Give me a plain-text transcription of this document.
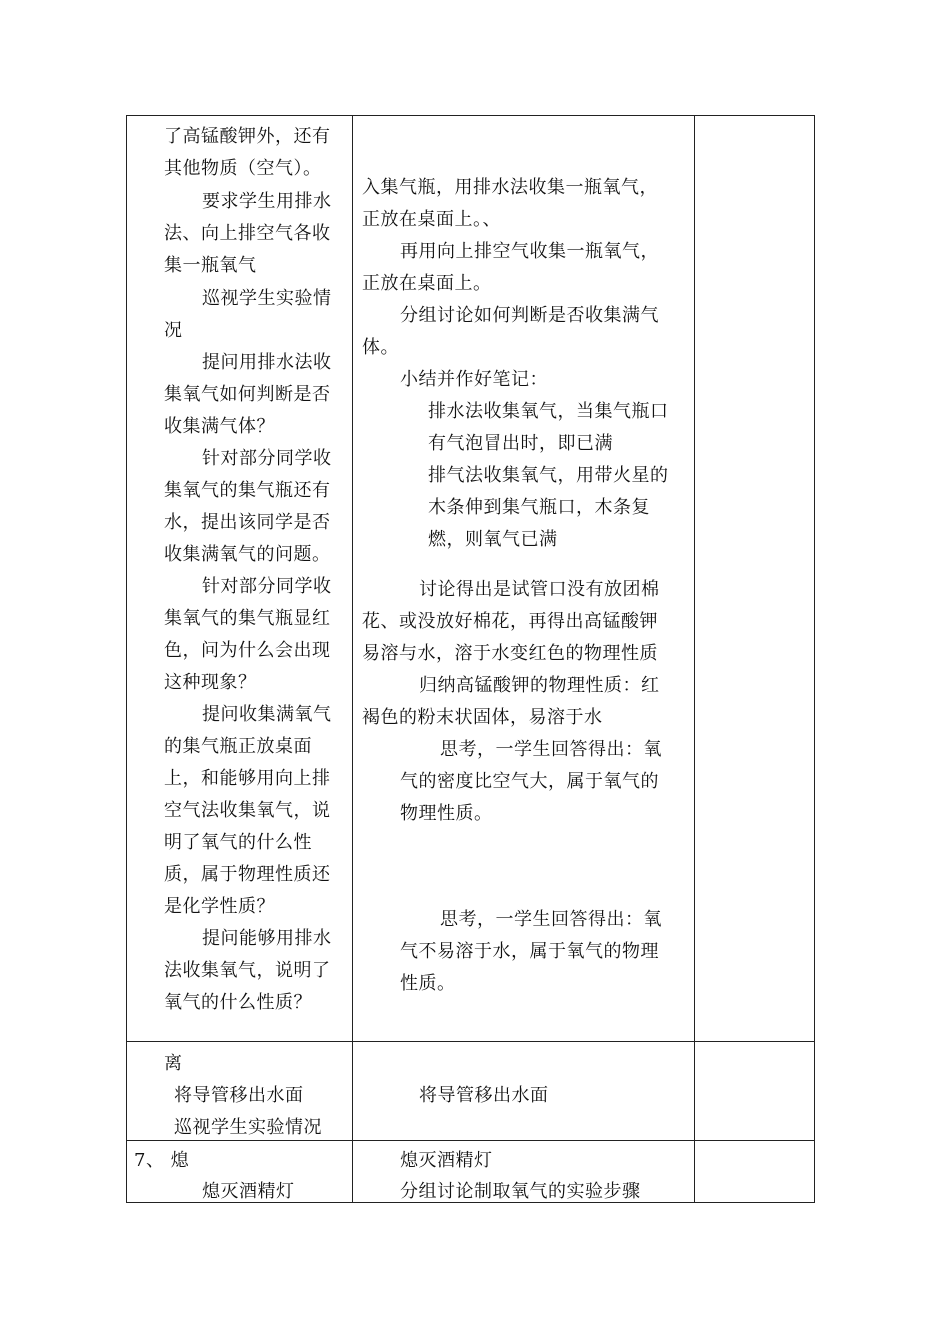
了高锰酸钾外，还有
其他物质（空气）。
要求学生用排水
法、向上排空气各收
集一瓶氧气
巡视学生实验情
况
提问用排水法收
集氧气如何判断是否
收集满气体？
针对部分同学收
集氧气的集气瓶还有
水，提出该同学是否
收集满氧气的问题。
针对部分同学收
集氧气的集气瓶显红
色，问为什么会出现
这种现象？
提问收集满氧气
的集气瓶正放桌面
上，和能够用向上排
空气法收集氧气，说
明了氧气的什么性
质，属于物理性质还
是化学性质？
提问能够用排水
法收集氧气，说明了
氧气的什么性质？
入集气瓶，用排水法收集一瓶氧气，
正放在桌面上。、
再用向上排空气收集一瓶氧气，
正放在桌面上。
分组讨论如何判断是否收集满气
体。
小结并作好笔记：
排水法收集氧气，当集气瓶口
有气泡冒出时，即已满
排气法收集氧气，用带火星的
木条伸到集气瓶口，木条复
燃，则氧气已满
讨论得出是试管口没有放团棉
花、或没放好棉花，再得出高锰酸钾
易溶与水，溶于水变红色的物理性质
归纳高锰酸钾的物理性质：红
褐色的粉末状固体，易溶于水
思考，一学生回答得出：氧
气的密度比空气大，属于氧气的
物理性质。
思考，一学生回答得出：氧
气不易溶于水，属于氧气的物理
性质。
离
将导管移出水面
巡视学生实验情况
将导管移出水面
7、 熄
熄灭酒精灯
熄灭酒精灯
分组讨论制取氧气的实验步骤
